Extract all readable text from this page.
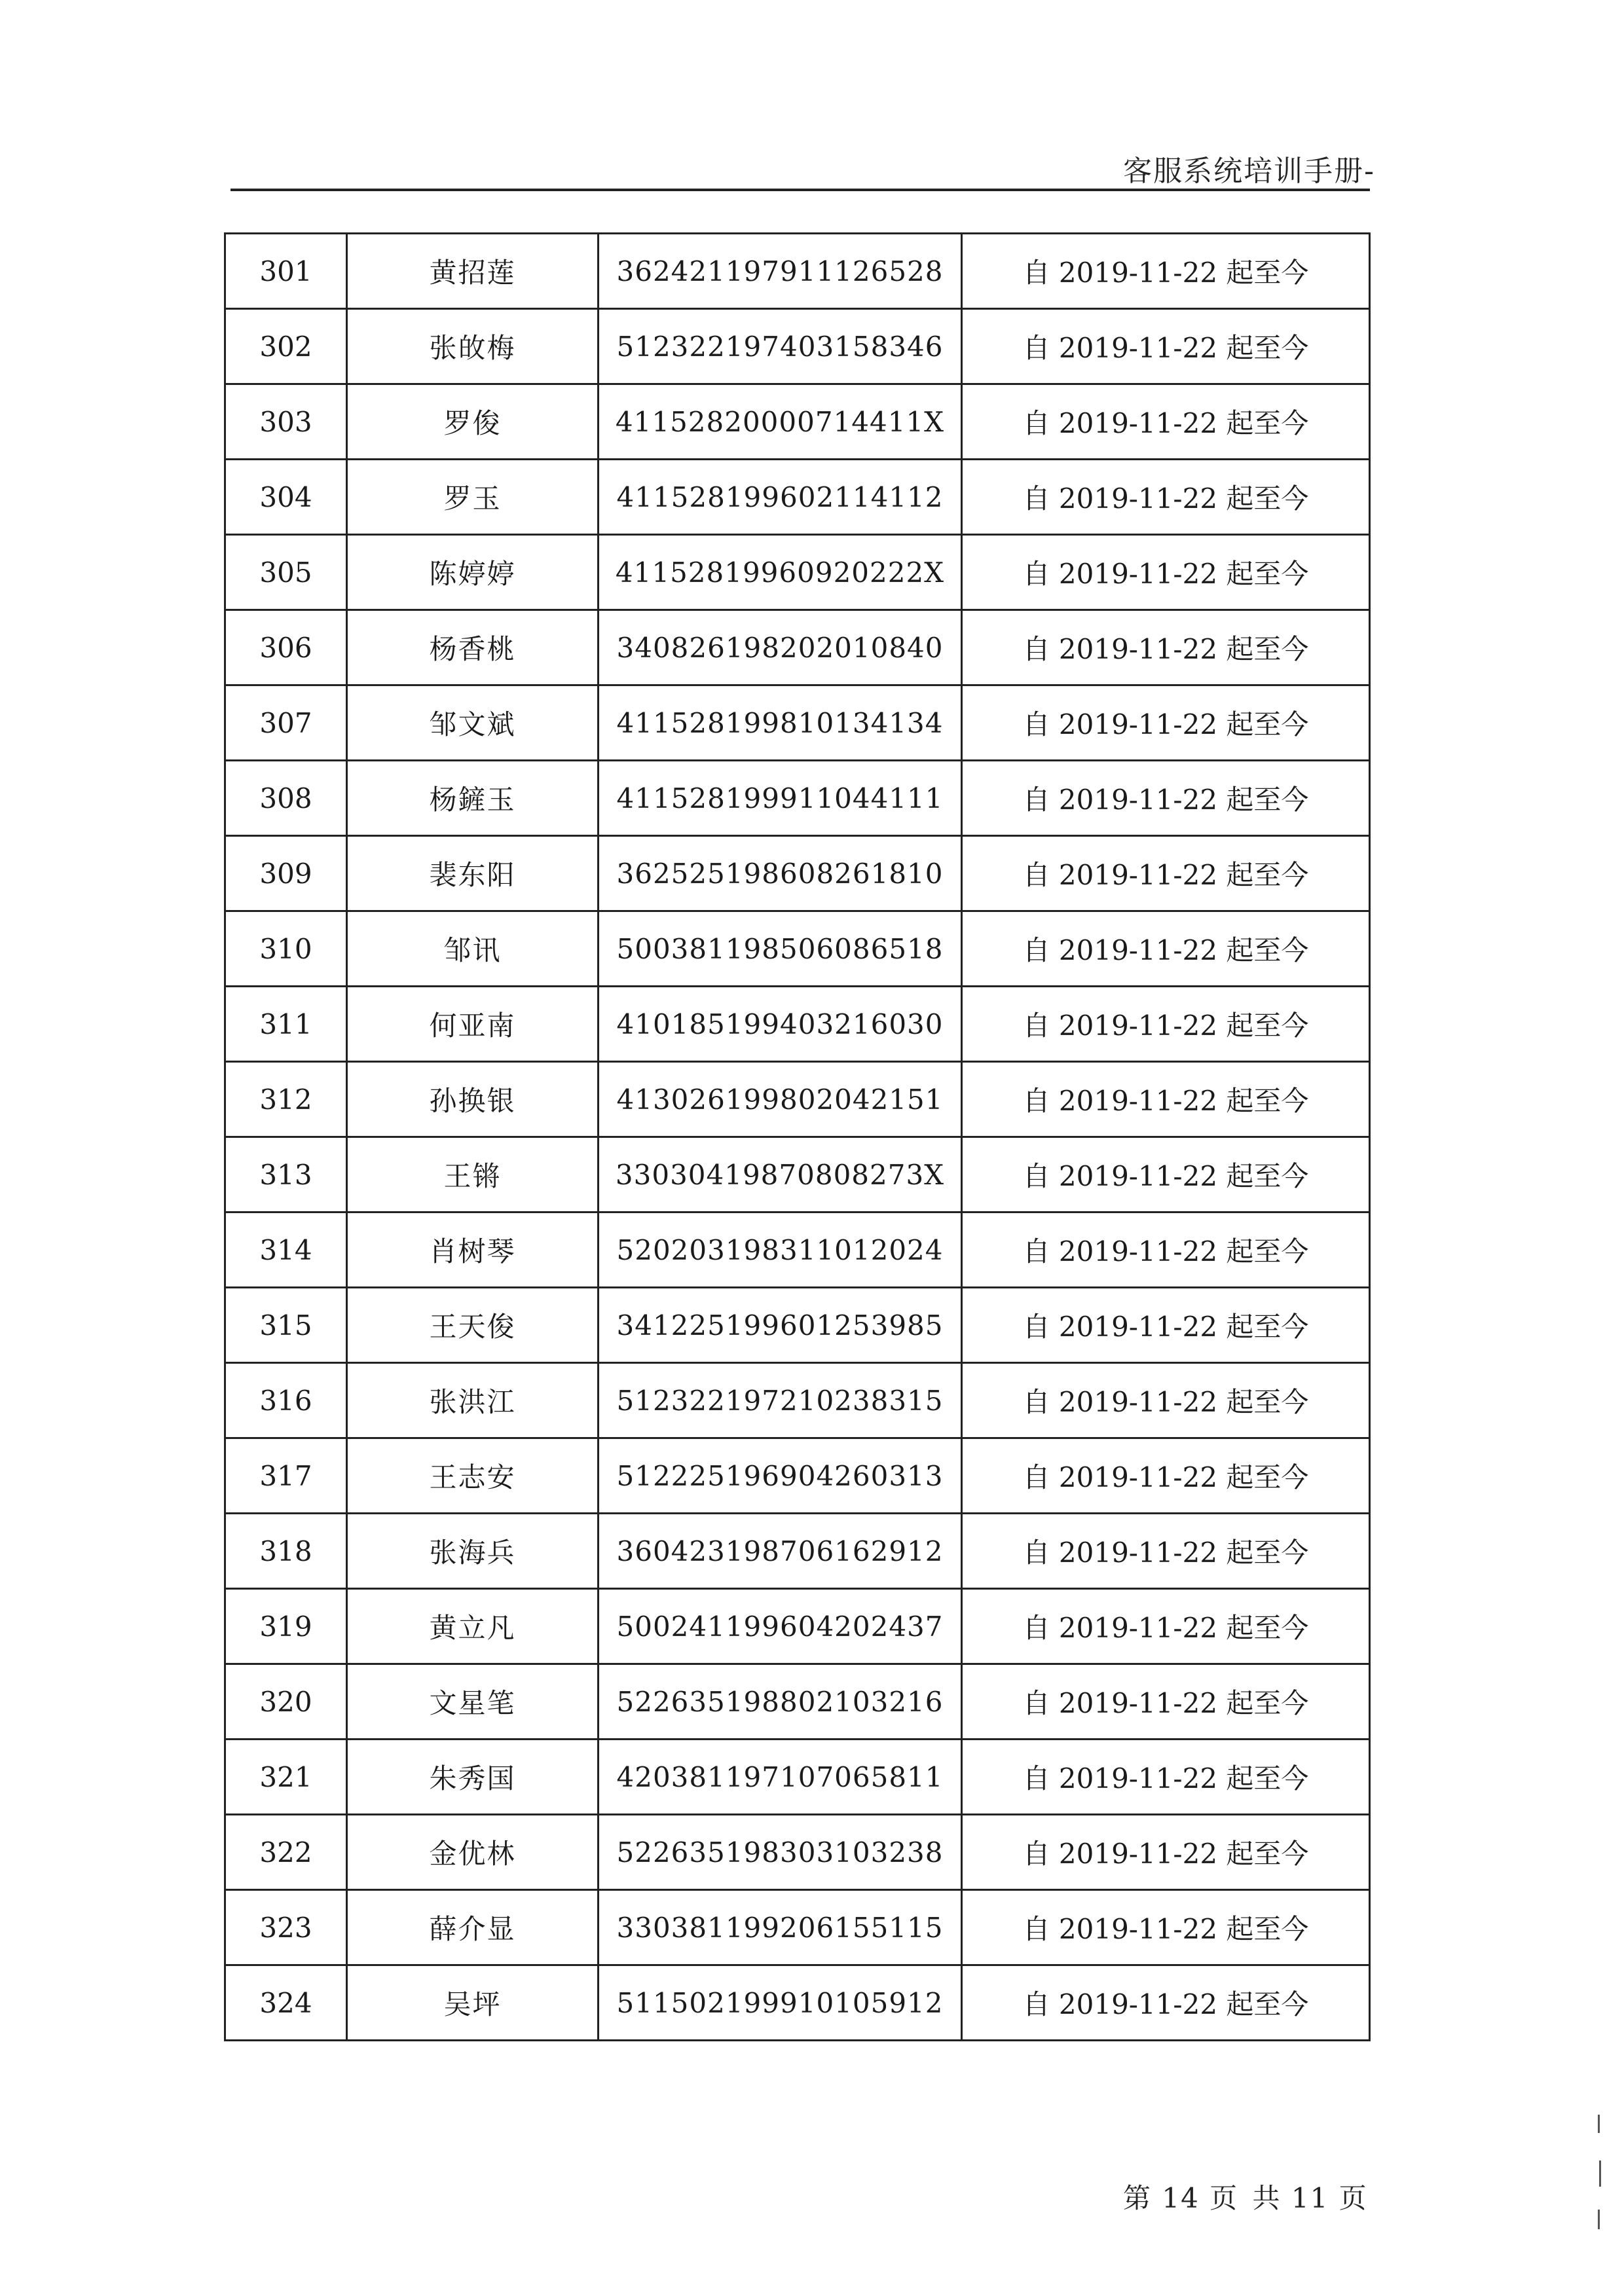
客服系统培训手册-
301	黄招莲	362421197911126528	自 2019-11-22 起至今
302	张敀梅	512322197403158346	自 2019-11-22 起至今
303	罗俊	41152820000714411X	自 2019-11-22 起至今
304	罗玉	411528199602114112	自 2019-11-22 起至今
305	陈婷婷	41152819960920222X	自 2019-11-22 起至今
306	杨香桃	340826198202010840	自 2019-11-22 起至今
307	邹文斌	411528199810134134	自 2019-11-22 起至今
308	杨鏟玉	411528199911044111	自 2019-11-22 起至今
309	裴东阳	362525198608261810	自 2019-11-22 起至今
310	邹讯	500381198506086518	自 2019-11-22 起至今
311	何亚南	410185199403216030	自 2019-11-22 起至今
312	孙换银	413026199802042151	自 2019-11-22 起至今
313	王锵	33030419870808273X	自 2019-11-22 起至今
314	肖树琴	520203198311012024	自 2019-11-22 起至今
315	王天俊	341225199601253985	自 2019-11-22 起至今
316	张洪江	512322197210238315	自 2019-11-22 起至今
317	王志安	512225196904260313	自 2019-11-22 起至今
318	张海兵	360423198706162912	自 2019-11-22 起至今
319	黄立凡	500241199604202437	自 2019-11-22 起至今
320	文星笔	522635198802103216	自 2019-11-22 起至今
321	朱秀国	420381197107065811	自 2019-11-22 起至今
322	金优林	522635198303103238	自 2019-11-22 起至今
323	薛介显	330381199206155115	自 2019-11-22 起至今
324	吴坪	511502199910105912	自 2019-11-22 起至今
第 14 页 共 11 页
